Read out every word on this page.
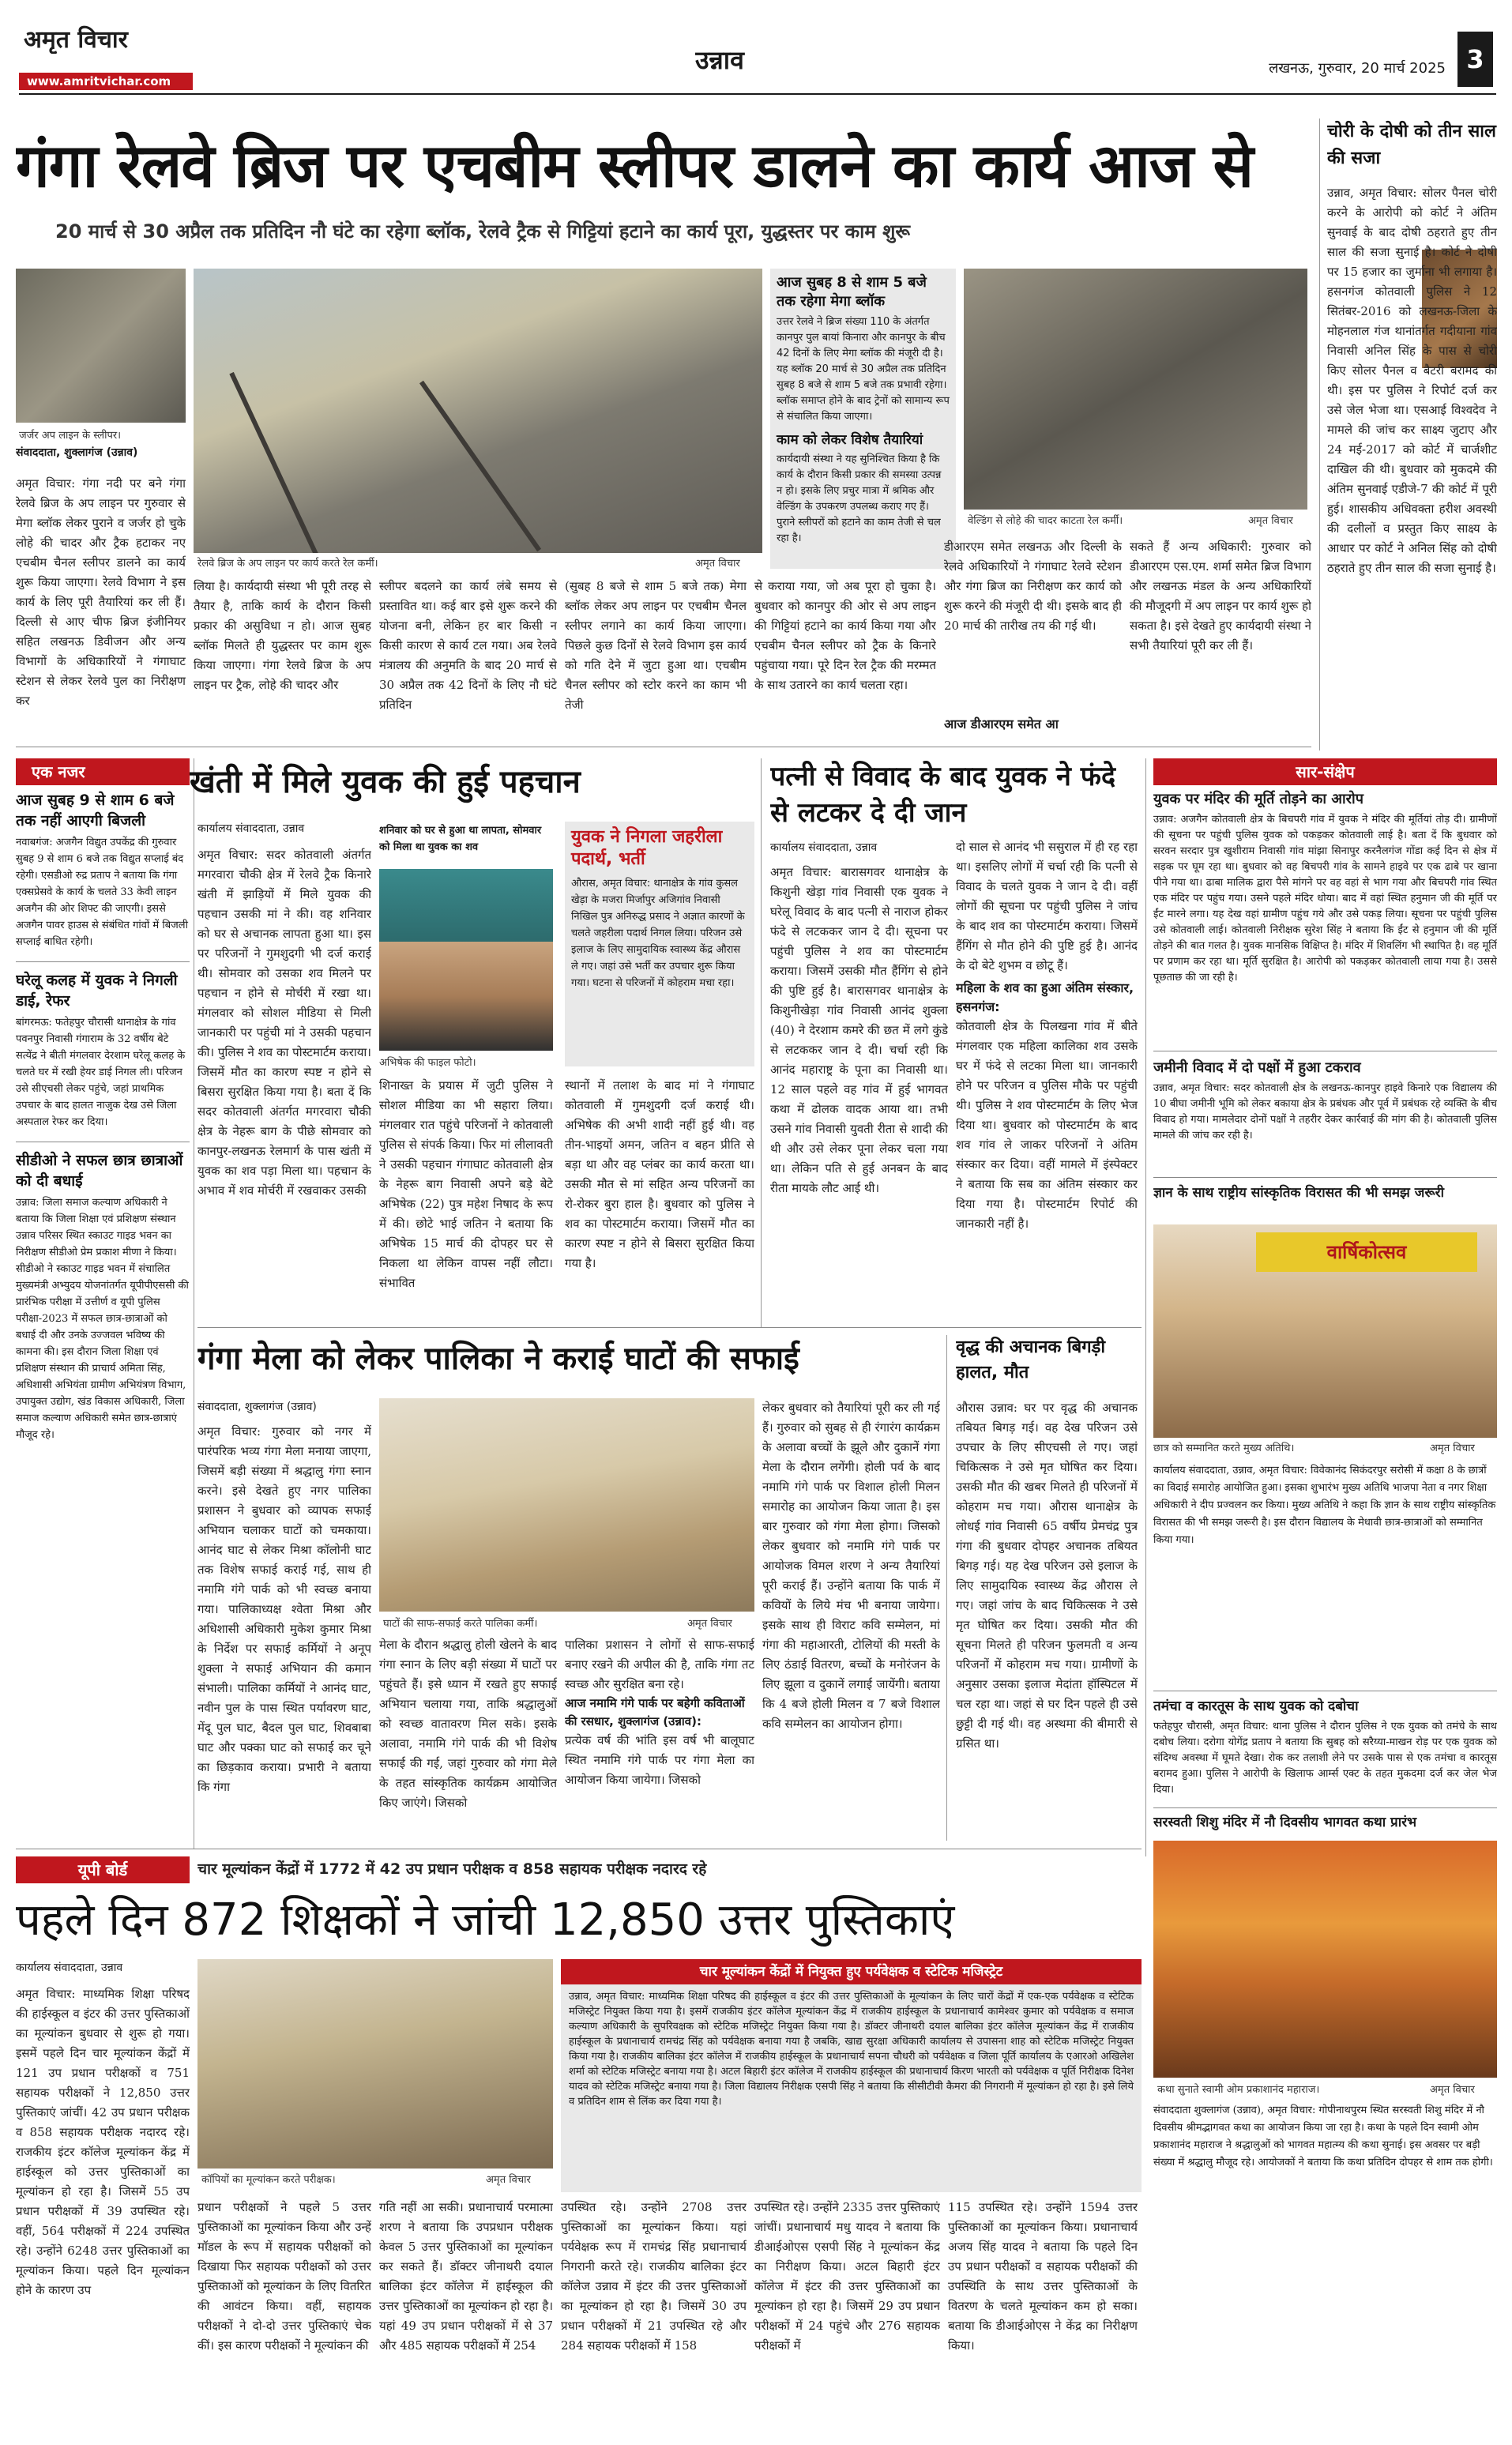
अमृत विचार
www.amritvichar.com
उन्नाव	लखनऊ, गुरुवार, 20 मार्च 2025 3
गंगा रेलवे ब्रिज पर एचबीम स्लीपर डालने का कार्य आज से
20 मार्च से 30 अप्रैल तक प्रतिदिन नौ घंटे का रहेगा ब्लॉक, रेलवे ट्रैक से गिट्टियां हटाने का कार्य पूरा, युद्धस्तर पर काम शुरू
जर्जर अप लाइन के स्लीपर।
रेलवे ब्रिज के अप लाइन पर कार्य करते रेल कर्मी।	अमृत विचार
आज सुबह 8 से शाम 5 बजे तक रहेगा मेगा ब्लॉक
उत्तर रेलवे ने ब्रिज संख्या 110 के अंतर्गत कानपुर पुल बायां किनारा और कानपुर के बीच 42 दिनों के लिए मेगा ब्लॉक की मंजूरी दी है। यह ब्लॉक 20 मार्च से 30 अप्रैल तक प्रतिदिन सुबह 8 बजे से शाम 5 बजे तक प्रभावी रहेगा। ब्लॉक समाप्त होने के बाद ट्रेनों को सामान्य रूप से संचालित किया जाएगा।
काम को लेकर विशेष तैयारियां
कार्यदायी संस्था ने यह सुनिश्चित किया है कि कार्य के दौरान किसी प्रकार की समस्या उत्पन्न न हो। इसके लिए प्रचुर मात्रा में श्रमिक और वेल्डिंग के उपकरण उपलब्ध कराए गए हैं। पुराने स्लीपरों को हटाने का काम तेजी से चल रहा है।
वेल्डिंग से लोहे की चादर काटता रेल कर्मी।	अमृत विचार
संवाददाता, शुक्लागंज (उन्नाव)
अमृत विचार: गंगा नदी पर बने गंगा रेलवे ब्रिज के अप लाइन पर गुरुवार से मेगा ब्लॉक लेकर पुराने व जर्जर हो चुके लोहे की चादर और ट्रैक हटाकर नए एचबीम चैनल स्लीपर डालने का कार्य शुरू किया जाएगा। रेलवे विभाग ने इस कार्य के लिए पूरी तैयारियां कर ली हैं। दिल्ली से आए चीफ ब्रिज इंजीनियर सहित लखनऊ डिवीजन और अन्य विभागों के अधिकारियों ने गंगाघाट स्टेशन से लेकर रेलवे पुल का निरीक्षण कर
लिया है। कार्यदायी संस्था भी पूरी तरह से तैयार है, ताकि कार्य के दौरान किसी प्रकार की असुविधा न हो। आज सुबह ब्लॉक मिलते ही युद्धस्तर पर काम शुरू किया जाएगा। गंगा रेलवे ब्रिज के अप लाइन पर ट्रैक, लोहे की चादर और
स्लीपर बदलने का कार्य लंबे समय से प्रस्तावित था। कई बार इसे शुरू करने की योजना बनी, लेकिन हर बार किसी न किसी कारण से कार्य टल गया। अब रेलवे मंत्रालय की अनुमति के बाद 20 मार्च से 30 अप्रैल तक 42 दिनों के लिए नौ घंटे प्रतिदिन
(सुबह 8 बजे से शाम 5 बजे तक) मेगा ब्लॉक लेकर अप लाइन पर एचबीम चैनल स्लीपर लगाने का कार्य किया जाएगा। पिछले कुछ दिनों से रेलवे विभाग इस कार्य को गति देने में जुटा हुआ था। एचबीम चैनल स्लीपर को स्टोर करने का काम भी तेजी
से कराया गया, जो अब पूरा हो चुका है। बुधवार को कानपुर की ओर से अप लाइन की गिट्टियां हटाने का कार्य किया गया और एचबीम चैनल स्लीपर को ट्रैक के किनारे पहुंचाया गया। पूरे दिन रेल ट्रैक की मरम्मत के साथ उतारने का कार्य चलता रहा।
डीआरएम समेत लखनऊ और दिल्ली के रेलवे अधिकारियों ने गंगाघाट रेलवे स्टेशन और गंगा ब्रिज का निरीक्षण कर कार्य को शुरू करने की मंजूरी दी थी। इसके बाद ही 20 मार्च की तारीख तय की गई थी।
आज डीआरएम समेत आ
सकते हैं अन्य अधिकारी: गुरुवार को डीआरएम एस.एम. शर्मा समेत ब्रिज विभाग और लखनऊ मंडल के अन्य अधिकारियों की मौजूदगी में अप लाइन पर कार्य शुरू हो सकता है। इसे देखते हुए कार्यदायी संस्था ने सभी तैयारियां पूरी कर ली हैं।
चोरी के दोषी को तीन साल की सजा
उन्नाव, अमृत विचार: सोलर पैनल चोरी करने के आरोपी को कोर्ट ने अंतिम सुनवाई के बाद दोषी ठहराते हुए तीन साल की सजा सुनाई है। कोर्ट ने दोषी पर 15 हजार का जुर्माना भी लगाया है। हसनगंज कोतवाली पुलिस ने 12 सितंबर-2016 को लखनऊ-जिला के मोहनलाल गंज थानांतर्गत गदीयाना गांव निवासी अनिल सिंह के पास से चोरी किए सोलर पैनल व बैटरी बरामद की थी। इस पर पुलिस ने रिपोर्ट दर्ज कर उसे जेल भेजा था। एसआई विश्वदेव ने मामले की जांच कर साक्ष्य जुटाए और 24 मई-2017 को कोर्ट में चार्जशीट दाखिल की थी। बुधवार को मुकदमे की अंतिम सुनवाई एडीजे-7 की कोर्ट में पूरी हुई। शासकीय अधिवक्ता हरीश अवस्थी की दलीलों व प्रस्तुत किए साक्ष्य के आधार पर कोर्ट ने अनिल सिंह को दोषी ठहराते हुए तीन साल की सजा सुनाई है।
एक नजर
आज सुबह 9 से शाम 6 बजे तक नहीं आएगी बिजली
नवाबगंज: अजगैन विद्युत उपकेंद्र की गुरुवार सुबह 9 से शाम 6 बजे तक विद्युत सप्लाई बंद रहेगी। एसडीओ रुद्र प्रताप ने बताया कि गंगा एक्सप्रेसवे के कार्य के चलते 33 केवी लाइन अजगैन की ओर शिफ्ट की जाएगी। इससे अजगैन पावर हाउस से संबंधित गांवों में बिजली सप्लाई बाधित रहेगी।
घरेलू कलह में युवक ने निगली डाई, रेफर
बांगरमऊ: फतेहपुर चौरासी थानाक्षेत्र के गांव पवनपुर निवासी गंगाराम के 32 वर्षीय बेटे सत्येंद्र ने बीती मंगलवार देरशाम घरेलू कलह के चलते घर में रखी हेयर डाई निगल ली। परिजन उसे सीएचसी लेकर पहुंचे, जहां प्राथमिक उपचार के बाद हालत नाजुक देख उसे जिला अस्पताल रेफर कर दिया।
सीडीओ ने सफल छात्र छात्राओं को दी बधाई
उन्नाव: जिला समाज कल्याण अधिकारी ने बताया कि जिला शिक्षा एवं प्रशिक्षण संस्थान उन्नाव परिसर स्थित स्काउट गाइड भवन का निरीक्षण सीडीओ प्रेम प्रकाश मीणा ने किया। सीडीओ ने स्काउट गाइड भवन में संचालित मुख्यमंत्री अभ्युदय योजनांतर्गत यूपीपीएससी की प्रारंभिक परीक्षा में उत्तीर्ण व यूपी पुलिस परीक्षा-2023 में सफल छात्र-छात्राओं को बधाई दी और उनके उज्जवल भविष्य की कामना की। इस दौरान जिला शिक्षा एवं प्रशिक्षण संस्थान की प्राचार्य अमिता सिंह, अधिशासी अभियंता ग्रामीण अभियंत्रण विभाग, उपायुक्त उद्योग, खंड विकास अधिकारी, जिला समाज कल्याण अधिकारी समेत छात्र-छात्राएं मौजूद रहे।
खंती में मिले युवक की हुई पहचान
कार्यालय संवाददाता, उन्नाव
अमृत विचार: सदर कोतवाली अंतर्गत मगरवारा चौकी क्षेत्र में रेलवे ट्रैक किनारे खंती में झाड़ियों में मिले युवक की पहचान उसकी मां ने की। वह शनिवार को घर से अचानक लापता हुआ था। इस पर परिजनों ने गुमशुदगी भी दर्ज कराई थी। सोमवार को उसका शव मिलने पर पहचान न होने से मोर्चरी में रखा था। मंगलवार को सोशल मीडिया से मिली जानकारी पर पहुंची मां ने उसकी पहचान की। पुलिस ने शव का पोस्टमार्टम कराया। जिसमें मौत का कारण स्पष्ट न होने से बिसरा सुरक्षित किया गया है। बता दें कि सदर कोतवाली अंतर्गत मगरवारा चौकी क्षेत्र के नेहरू बाग के पीछे सोमवार को कानपुर-लखनऊ रेलमार्ग के पास खंती में युवक का शव पड़ा मिला था। पहचान के अभाव में शव मोर्चरी में रखवाकर उसकी
शनिवार को घर से हुआ था लापता, सोमवार को मिला था युवक का शव
अभिषेक की फाइल फोटो।
शिनाख्त के प्रयास में जुटी पुलिस ने सोशल मीडिया का भी सहारा लिया। मंगलवार रात पहुंचे परिजनों ने कोतवाली पुलिस से संपर्क किया। फिर मां लीलावती ने उसकी पहचान गंगाघाट कोतवाली क्षेत्र के नेहरू बाग निवासी अपने बड़े बेटे अभिषेक (22) पुत्र महेश निषाद के रूप में की। छोटे भाई जतिन ने बताया कि अभिषेक 15 मार्च की दोपहर घर से निकला था लेकिन वापस नहीं लौटा। संभावित
युवक ने निगला जहरीला पदार्थ, भर्ती
औरास, अमृत विचार: थानाक्षेत्र के गांव कुसल खेड़ा के मजरा मिर्जापुर अजिगांव निवासी निखिल पुत्र अनिरुद्ध प्रसाद ने अज्ञात कारणों के चलते जहरीला पदार्थ निगल लिया। परिजन उसे इलाज के लिए सामुदायिक स्वास्थ्य केंद्र औरास ले गए। जहां उसे भर्ती कर उपचार शुरू किया गया। घटना से परिजनों में कोहराम मचा रहा।
स्थानों में तलाश के बाद मां ने गंगाघाट कोतवाली में गुमशुदगी दर्ज कराई थी। अभिषेक की अभी शादी नहीं हुई थी। वह तीन-भाइयों अमन, जतिन व बहन प्रीति से बड़ा था और वह प्लंबर का कार्य करता था। उसकी मौत से मां सहित अन्य परिजनों का रो-रोकर बुरा हाल है। बुधवार को पुलिस ने शव का पोस्टमार्टम कराया। जिसमें मौत का कारण स्पष्ट न होने से बिसरा सुरक्षित किया गया है।
पत्नी से विवाद के बाद युवक ने फंदे से लटकर दे दी जान
कार्यालय संवाददाता, उन्नाव
अमृत विचार: बारासगवर थानाक्षेत्र के किशुनी खेड़ा गांव निवासी एक युवक ने घरेलू विवाद के बाद पत्नी से नाराज होकर फंदे से लटककर जान दे दी। सूचना पर पहुंची पुलिस ने शव का पोस्टमार्टम कराया। जिसमें उसकी मौत हैंगिंग से होने की पुष्टि हुई है। बारासगवर थानाक्षेत्र के किशुनीखेड़ा गांव निवासी आनंद शुक्ला (40) ने देरशाम कमरे की छत में लगे कुंडे से लटककर जान दे दी। चर्चा रही कि आनंद महाराष्ट्र के पूना का निवासी था। 12 साल पहले वह गांव में हुई भागवत कथा में ढोलक वादक आया था। तभी उसने गांव निवासी युवती रीता से शादी की थी और उसे लेकर पूना लेकर चला गया था। लेकिन पति से हुई अनबन के बाद रीता मायके लौट आई थी।
दो साल से आनंद भी ससुराल में ही रह रहा था। इसलिए लोगों में चर्चा रही कि पत्नी से विवाद के चलते युवक ने जान दे दी। वहीं लोगों की सूचना पर पहुंची पुलिस ने जांच के बाद शव का पोस्टमार्टम कराया। जिसमें हैंगिंग से मौत होने की पुष्टि हुई है। आनंद के दो बेटे शुभम व छोटू हैं।
महिला के शव का हुआ अंतिम संस्कार, हसनगंज:
कोतवाली क्षेत्र के पिलखना गांव में बीते मंगलवार एक महिला कालिका शव उसके घर में फंदे से लटका मिला था। जानकारी होने पर परिजन व पुलिस मौके पर पहुंची थी। पुलिस ने शव पोस्टमार्टम के लिए भेज दिया था। बुधवार को पोस्टमार्टम के बाद शव गांव ले जाकर परिजनों ने अंतिम संस्कार कर दिया। वहीं मामले में इंस्पेक्टर ने बताया कि सब का अंतिम संस्कार कर दिया गया है। पोस्टमार्टम रिपोर्ट की जानकारी नहीं है।
सार-संक्षेप
युवक पर मंदिर की मूर्ति तोड़ने का आरोप
उन्नाव: अजगैन कोतवाली क्षेत्र के बिचपरी गांव में युवक ने मंदिर की मूर्तियां तोड़ दी। ग्रामीणों की सूचना पर पहुंची पुलिस युवक को पकड़कर कोतवाली लाई है। बता दें कि बुधवार को सरवन सरदार पुत्र खुशीराम निवासी गांव मांझा सिनापुर करनैलगंज गोंडा कई दिन से क्षेत्र में सड़क पर घूम रहा था। बुधवार को वह बिचपरी गांव के सामने हाइवे पर एक ढाबे पर खाना पीने गया था। ढाबा मालिक द्वारा पैसे मांगने पर वह वहां से भाग गया और बिचपरी गांव स्थित एक मंदिर पर पहुंच गया। उसने पहले मंदिर धोया। बाद में वहां स्थित हनुमान जी की मूर्ति पर ईंट मारने लगा। यह देख वहां ग्रामीण पहुंच गये और उसे पकड़ लिया। सूचना पर पहुंची पुलिस उसे कोतवाली लाई। कोतवाली निरीक्षक सुरेश सिंह ने बताया कि ईंट से हनुमान जी की मूर्ति तोड़ने की बात गलत है। युवक मानसिक विक्षिप्त है। मंदिर में शिवलिंग भी स्थापित है। वह मूर्ति पर प्रणाम कर रहा था। मूर्ति सुरक्षित है। आरोपी को पकड़कर कोतवाली लाया गया है। उससे पूछताछ की जा रही है।
जमीनी विवाद में दो पक्षों में हुआ टकराव
उन्नाव, अमृत विचार: सदर कोतवाली क्षेत्र के लखनऊ-कानपुर हाइवे किनारे एक विद्यालय की 10 बीघा जमीनी भूमि को लेकर बकाया क्षेत्र के प्रबंधक और पूर्व में प्रबंधक रहे व्यक्ति के बीच विवाद हो गया। मामलेदार दोनों पक्षों ने तहरीर देकर कार्रवाई की मांग की है। कोतवाली पुलिस मामले की जांच कर रही है।
ज्ञान के साथ राष्ट्रीय सांस्कृतिक विरासत की भी समझ जरूरी
वार्षिकोत्सव
छात्र को सम्मानित करते मुख्य अतिथि।	अमृत विचार
कार्यालय संवाददाता, उन्नाव, अमृत विचार: विवेकानंद सिकंदरपुर सरोसी में कक्षा 8 के छात्रों का विदाई समारोह आयोजित हुआ। इसका शुभारंभ मुख्य अतिथि भाजपा नेता व नगर शिक्षा अधिकारी ने दीप प्रज्वलन कर किया। मुख्य अतिथि ने कहा कि ज्ञान के साथ राष्ट्रीय सांस्कृतिक विरासत की भी समझ जरूरी है। इस दौरान विद्यालय के मेधावी छात्र-छात्राओं को सम्मानित किया गया।
तमंचा व कारतूस के साथ युवक को दबोचा
फतेहपुर चौरासी, अमृत विचार: थाना पुलिस ने दौरान पुलिस ने एक युवक को तमंचे के साथ दबोच लिया। दरोगा योगेंद्र प्रताप ने बताया कि सुबह को सरैय्या-माखन रोड़ पर एक युवक को संदिग्ध अवस्था में घूमते देखा। रोक कर तलाशी लेने पर उसके पास से एक तमंचा व कारतूस बरामद हुआ। पुलिस ने आरोपी के खिलाफ आर्म्स एक्ट के तहत मुकदमा दर्ज कर जेल भेज दिया।
सरस्वती शिशु मंदिर में नौ दिवसीय भागवत कथा प्रारंभ
कथा सुनाते स्वामी ओम प्रकाशानंद महाराज।	अमृत विचार
संवाददाता शुक्लागंज (उन्नाव), अमृत विचार: गोपीनाथपुरम स्थित सरस्वती शिशु मंदिर में नौ दिवसीय श्रीमद्भागवत कथा का आयोजन किया जा रहा है। कथा के पहले दिन स्वामी ओम प्रकाशानंद महाराज ने श्रद्धालुओं को भागवत महात्म्य की कथा सुनाई। इस अवसर पर बड़ी संख्या में श्रद्धालु मौजूद रहे। आयोजकों ने बताया कि कथा प्रतिदिन दोपहर से शाम तक होगी।
गंगा मेला को लेकर पालिका ने कराई घाटों की सफाई
संवाददाता, शुक्लागंज (उन्नाव)
अमृत विचार: गुरुवार को नगर में पारंपरिक भव्य गंगा मेला मनाया जाएगा, जिसमें बड़ी संख्या में श्रद्धालु गंगा स्नान करने। इसे देखते हुए नगर पालिका प्रशासन ने बुधवार को व्यापक सफाई अभियान चलाकर घाटों को चमकाया। आनंद घाट से लेकर मिश्रा कॉलोनी घाट तक विशेष सफाई कराई गई, साथ ही नमामि गंगे पार्क को भी स्वच्छ बनाया गया। पालिकाध्यक्ष श्वेता मिश्रा और अधिशासी अधिकारी मुकेश कुमार मिश्रा के निर्देश पर सफाई कर्मियों ने अनूप शुक्ला ने सफाई अभियान की कमान संभाली। पालिका कर्मियों ने आनंद घाट, नवीन पुल के पास स्थित पर्यावरण घाट, मेंदू पुल घाट, बैदल पुल घाट, शिवबाबा घाट और पक्का घाट को सफाई कर चूने का छिड़काव कराया। प्रभारी ने बताया कि गंगा
घाटों की साफ-सफाई करते पालिका कर्मी।	अमृत विचार
मेला के दौरान श्रद्धालु होली खेलने के बाद गंगा स्नान के लिए बड़ी संख्या में घाटों पर पहुंचते हैं। इसे ध्यान में रखते हुए सफाई अभियान चलाया गया, ताकि श्रद्धालुओं को स्वच्छ वातावरण मिल सके। इसके अलावा, नमामि गंगे पार्क की भी विशेष सफाई की गई, जहां गुरुवार को गंगा मेले के तहत सांस्कृतिक कार्यक्रम आयोजित किए जाएंगे। जिसको
पालिका प्रशासन ने लोगों से साफ-सफाई बनाए रखने की अपील की है, ताकि गंगा तट स्वच्छ और सुरक्षित बना रहे।
आज नमामि गंगे पार्क पर बहेगी कविताओं की रसधार, शुक्लागंज (उन्नाव):
प्रत्येक वर्ष की भांति इस वर्ष भी बालूघाट स्थित नमामि गंगे पार्क पर गंगा मेला का आयोजन किया जायेगा। जिसको
लेकर बुधवार को तैयारियां पूरी कर ली गई हैं। गुरुवार को सुबह से ही रंगारंग कार्यक्रम के अलावा बच्चों के झूले और दुकानें गंगा मेला के दौरान लगेंगी। होली पर्व के बाद नमामि गंगे पार्क पर विशाल होली मिलन समारोह का आयोजन किया जाता है। इस बार गुरुवार को गंगा मेला होगा। जिसको लेकर बुधवार को नमामि गंगे पार्क पर आयोजक विमल शरण ने अन्य तैयारियां पूरी कराई हैं। उन्होंने बताया कि पार्क में कवियों के लिये मंच भी बनाया जायेगा। इसके साथ ही विराट कवि सम्मेलन, मां गंगा की महाआरती, टोलियों की मस्ती के लिए ठंडाई वितरण, बच्चों के मनोरंजन के लिए झूला व दुकानें लगाई जायेंगी। बताया कि 4 बजे होली मिलन व 7 बजे विशाल कवि सम्मेलन का आयोजन होगा।
वृद्ध की अचानक बिगड़ी हालत, मौत
औरास उन्नाव: घर पर वृद्ध की अचानक तबियत बिगड़ गई। वह देख परिजन उसे उपचार के लिए सीएचसी ले गए। जहां चिकित्सक ने उसे मृत घोषित कर दिया। उसकी मौत की खबर मिलते ही परिजनों में कोहराम मच गया। औरास थानाक्षेत्र के लोधई गांव निवासी 65 वर्षीय प्रेमचंद्र पुत्र गंगा की बुधवार दोपहर अचानक तबियत बिगड़ गई। यह देख परिजन उसे इलाज के लिए सामुदायिक स्वास्थ्य केंद्र औरास ले गए। जहां जांच के बाद चिकित्सक ने उसे मृत घोषित कर दिया। उसकी मौत की सूचना मिलते ही परिजन फुलमती व अन्य परिजनों में कोहराम मच गया। ग्रामीणों के अनुसार उसका इलाज मेदांता हॉस्पिटल में चल रहा था। जहां से घर दिन पहले ही उसे छुट्टी दी गई थी। वह अस्थमा की बीमारी से ग्रसित था।
यूपी बोर्ड	चार मूल्यांकन केंद्रों में 1772 में 42 उप प्रधान परीक्षक व 858 सहायक परीक्षक नदारद रहे
पहले दिन 872 शिक्षकों ने जांची 12,850 उत्तर पुस्तिकाएं
कार्यालय संवाददाता, उन्नाव
अमृत विचार: माध्यमिक शिक्षा परिषद की हाईस्कूल व इंटर की उत्तर पुस्तिकाओं का मूल्यांकन बुधवार से शुरू हो गया। इसमें पहले दिन चार मूल्यांकन केंद्रों में 121 उप प्रधान परीक्षकों व 751 सहायक परीक्षकों ने 12,850 उत्तर पुस्तिकाएं जांचीं। 42 उप प्रधान परीक्षक व 858 सहायक परीक्षक नदारद रहे। राजकीय इंटर कॉलेज मूल्यांकन केंद्र में हाईस्कूल को उत्तर पुस्तिकाओं का मूल्यांकन हो रहा है। जिसमें 55 उप प्रधान परीक्षकों में 39 उपस्थित रहे। वहीं, 564 परीक्षकों में 224 उपस्थित रहे। उन्होंने 6248 उत्तर पुस्तिकाओं का मूल्यांकन किया। पहले दिन मूल्यांकन होने के कारण उप
कॉपियों का मूल्यांकन करते परीक्षक।	अमृत विचार
चार मूल्यांकन केंद्रों में नियुक्त हुए पर्यवेक्षक व स्टेटिक मजिस्ट्रेट
उन्नाव, अमृत विचार: माध्यमिक शिक्षा परिषद की हाईस्कूल व इंटर की उत्तर पुस्तिकाओं के मूल्यांकन के लिए चारों केंद्रों में एक-एक पर्यवेक्षक व स्टेटिक मजिस्ट्रेट नियुक्त किया गया है। इसमें राजकीय इंटर कॉलेज मूल्यांकन केंद्र में राजकीय हाईस्कूल के प्रधानाचार्य कामेश्वर कुमार को पर्यवेक्षक व समाज कल्याण अधिकारी के सुपरिवक्षक को स्टेटिक मजिस्ट्रेट नियुक्त किया गया है। डॉक्टर जीनाथरी दयाल बालिका इंटर कॉलेज मूल्यांकन केंद्र में राजकीय हाईस्कूल के प्रधानाचार्य रामचंद्र सिंह को पर्यवेक्षक बनाया गया है जबकि, खाद्य सुरक्षा अधिकारी कार्यालय से उपासना शाह को स्टेटिक मजिस्ट्रेट नियुक्त किया गया है। राजकीय बालिका इंटर कॉलेज में राजकीय हाईस्कूल के प्रधानाचार्य सपना चौधरी को पर्यवेक्षक व जिला पूर्ति कार्यालय के एआरओ अखिलेश शर्मा को स्टेटिक मजिस्ट्रेट बनाया गया है। अटल बिहारी इंटर कॉलेज में राजकीय हाईस्कूल की प्रधानाचार्य किरण भारती को पर्यवेक्षक व पूर्ति निरीक्षक दिनेश यादव को स्टेटिक मजिस्ट्रेट बनाया गया है। जिला विद्यालय निरीक्षक एसपी सिंह ने बताया कि सीसीटीवी कैमरा की निगरानी में मूल्यांकन हो रहा है। इसे लिये व प्रतिदिन शाम से लिंक कर दिया गया है।
प्रधान परीक्षकों ने पहले 5 उत्तर पुस्तिकाओं का मूल्यांकन किया और उन्हें मॉडल के रूप में सहायक परीक्षकों को दिखाया फिर सहायक परीक्षकों को उत्तर पुस्तिकाओं को मूल्यांकन के लिए वितरित की आवंटन किया। वहीं, सहायक परीक्षकों ने दो-दो उत्तर पुस्तिकाएं चेक कीं। इस कारण परीक्षकों ने मूल्यांकन की
गति नहीं आ सकी। प्रधानाचार्य परमात्मा शरण ने बताया कि उपप्रधान परीक्षक केवल 5 उत्तर पुस्तिकाओं का मूल्यांकन कर सकते हैं। डॉक्टर जीनाथरी दयाल बालिका इंटर कॉलेज में हाईस्कूल की उत्तर पुस्तिकाओं का मूल्यांकन हो रहा है। यहां 49 उप प्रधान परीक्षकों में से 37 और 485 सहायक परीक्षकों में 254
उपस्थित रहे। उन्होंने 2708 उत्तर पुस्तिकाओं का मूल्यांकन किया। यहां पर्यवेक्षक रूप में रामचंद्र सिंह प्रधानाचार्य निगरानी करते रहे। राजकीय बालिका इंटर कॉलेज उन्नाव में इंटर की उत्तर पुस्तिकाओं का मूल्यांकन हो रहा है। जिसमें 30 उप प्रधान परीक्षकों में 21 उपस्थित रहे और 284 सहायक परीक्षकों में 158
उपस्थित रहे। उन्होंने 2335 उत्तर पुस्तिकाएं जांचीं। प्रधानाचार्य मधु यादव ने बताया कि डीआईओएस एसपी सिंह ने मूल्यांकन केंद्र का निरीक्षण किया। अटल बिहारी इंटर कॉलेज में इंटर की उत्तर पुस्तिकाओं का मूल्यांकन हो रहा है। जिसमें 29 उप प्रधान परीक्षकों में 24 पहुंचे और 276 सहायक परीक्षकों में
115 उपस्थित रहे। उन्होंने 1594 उत्तर पुस्तिकाओं का मूल्यांकन किया। प्रधानाचार्य अजय सिंह यादव ने बताया कि पहले दिन उप प्रधान परीक्षकों व सहायक परीक्षकों की उपस्थिति के साथ उत्तर पुस्तिकाओं के वितरण के चलते मूल्यांकन कम हो सका। बताया कि डीआईओएस ने केंद्र का निरीक्षण किया।
